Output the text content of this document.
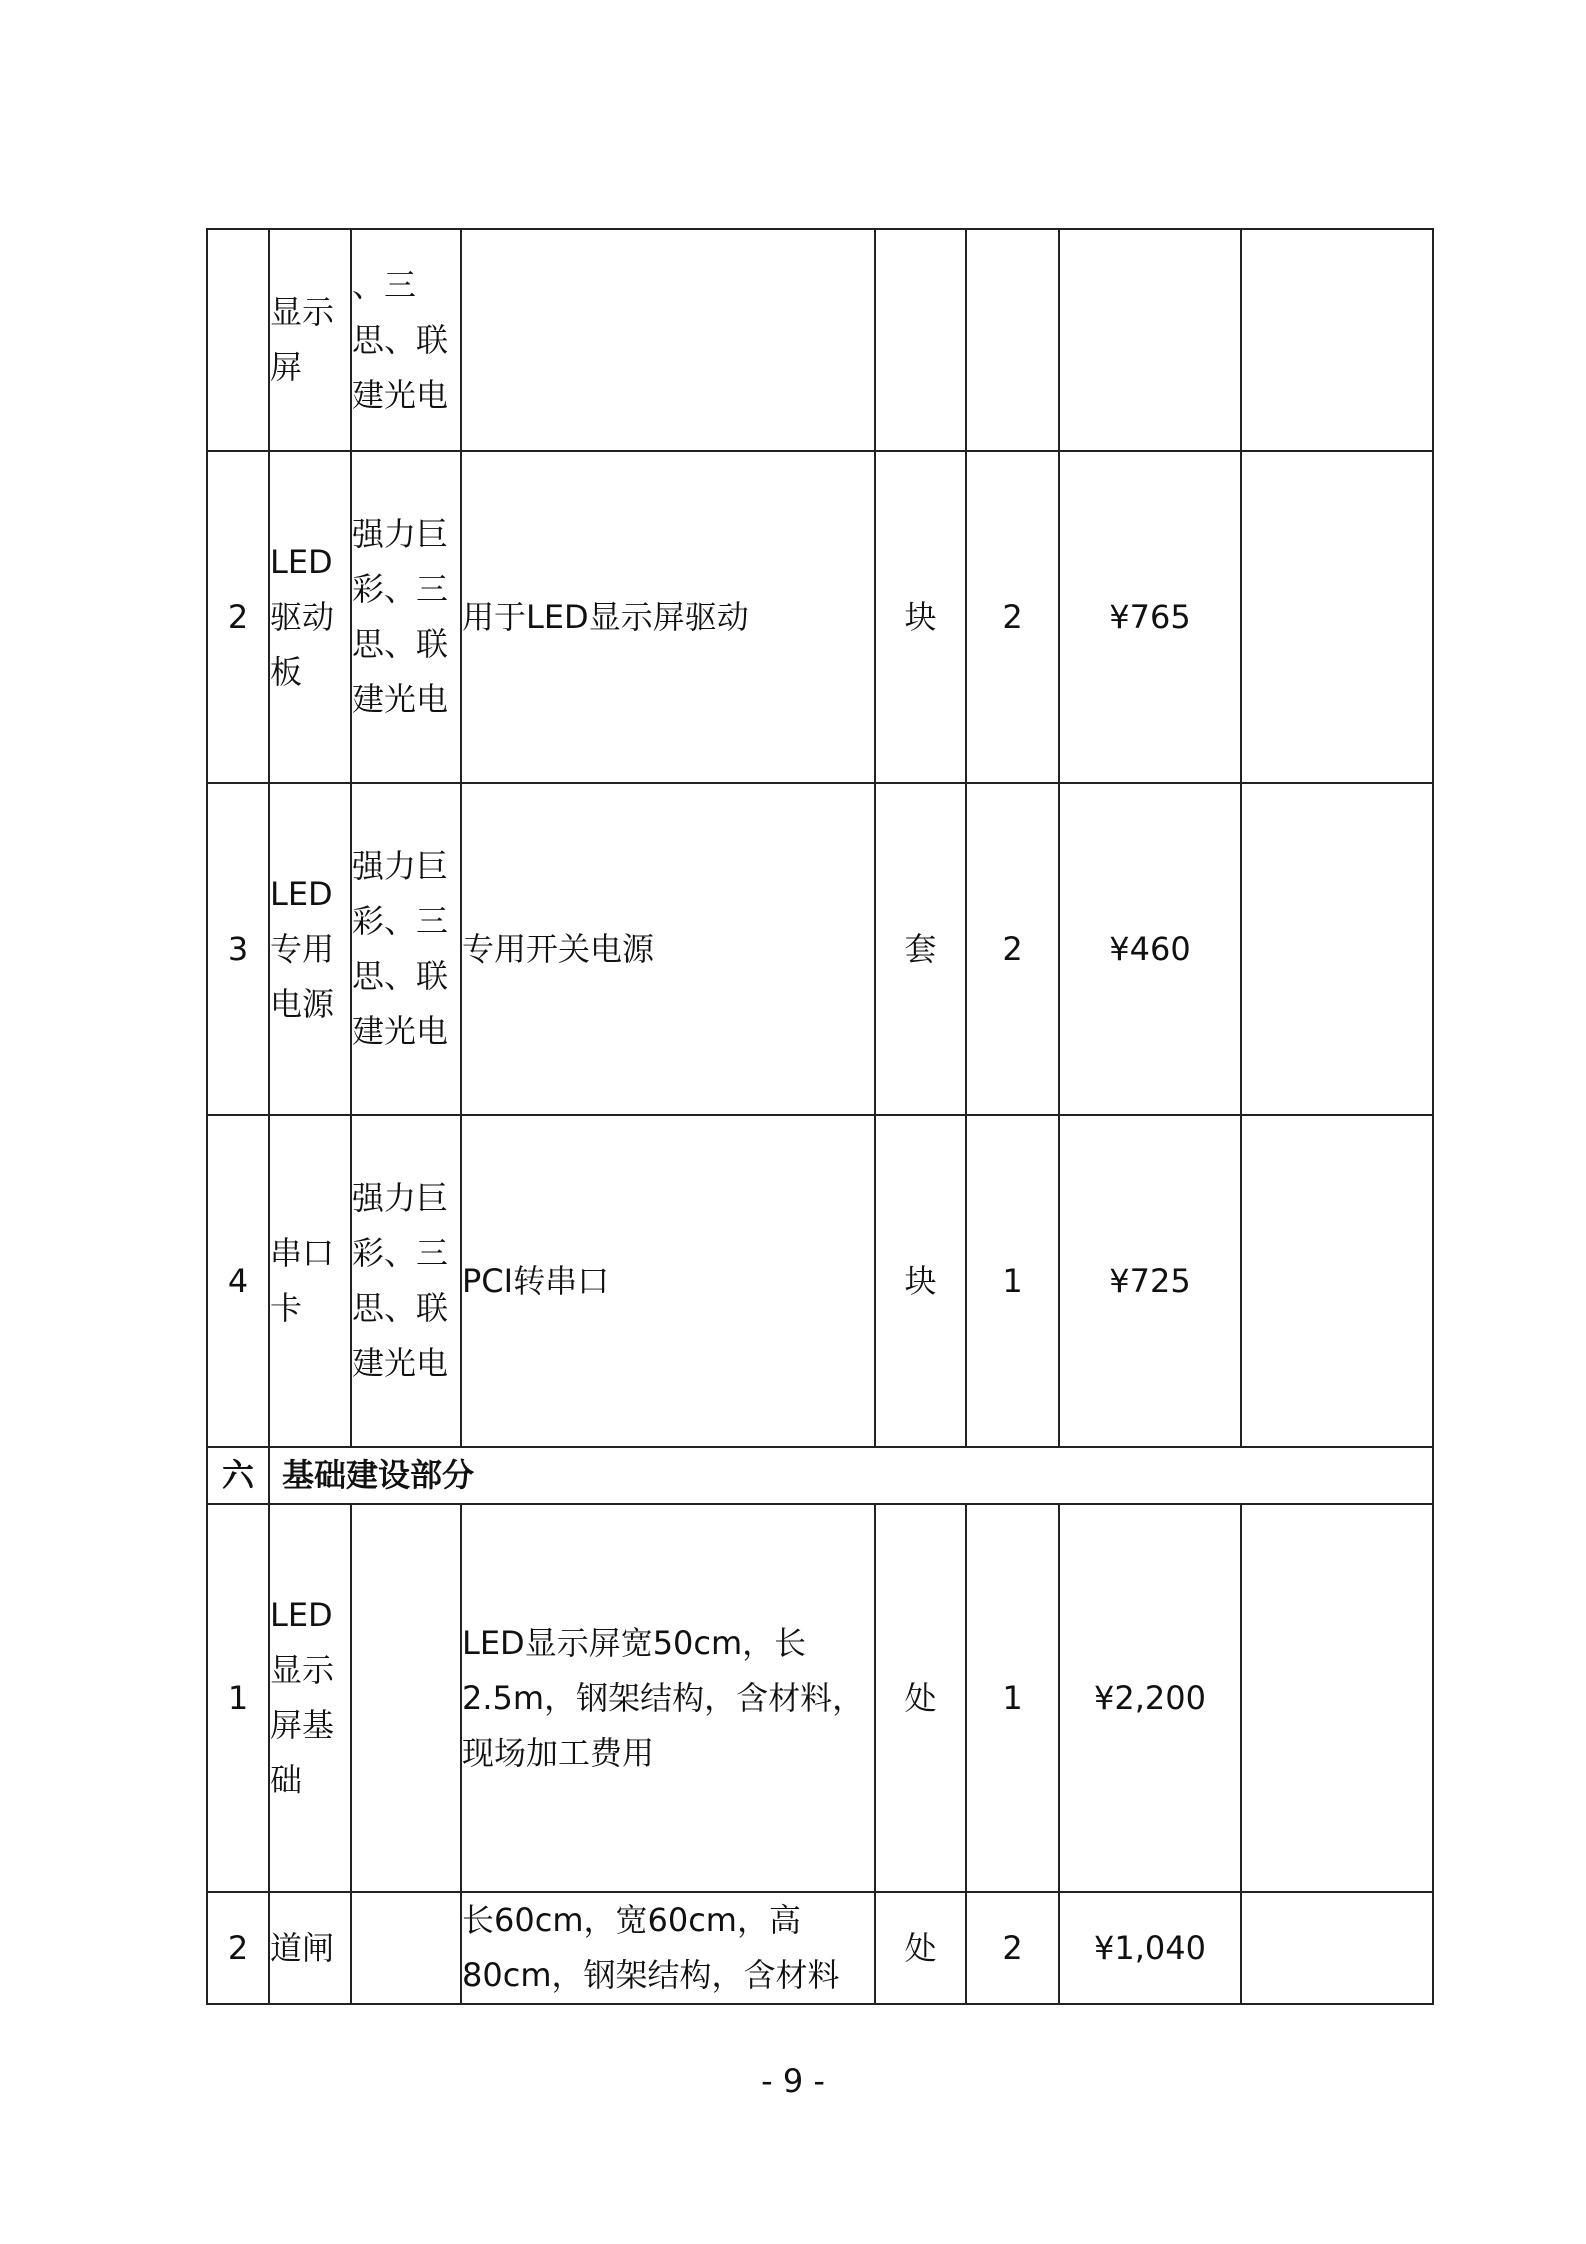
	显示屏	、三思、联建光电					

2	LED驱动板	强力巨彩、三思、联建光电	用于LED显示屏驱动	块	2	¥765	
3	LED专用电源	强力巨彩、三思、联建光电	专用开关电源	套	2	¥460	
4	串口卡	强力巨彩、三思、联建光电	PCI转串口	块	1	¥725	
六	基础建设部分						
1	LED显示屏基础		LED显示屏宽50cm，长2.5m，钢架结构，含材料，现场加工费用	处	1	¥2,200	
2	道闸		长60cm，宽60cm，高80cm，钢架结构，含材料	处	2	¥1,040	
- 9 -
